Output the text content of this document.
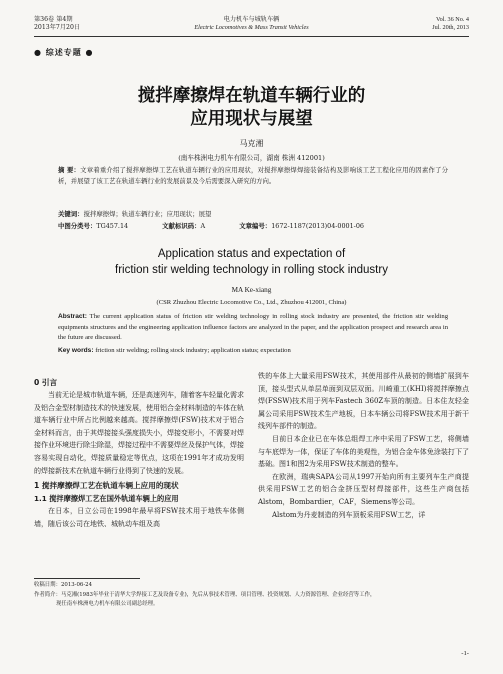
第36卷 第4期
2013年7月20日
电力机车与城轨车辆
Electric Locomotives & Mass Transit Vehicles
Vol. 36 No. 4
Jul. 20th, 2013
● 综述专题 ●
搅拌摩擦焊在轨道车辆行业的
应用现状与展望
马克湘
(南车株洲电力机车有限公司，湖南 株洲 412001)
摘 要：文章着重介绍了搅拌摩擦焊工艺在轨道车辆行业的应用现状，对搅拌摩擦焊焊接装备结构及影响该工艺工程化应用的因素作了分析，并展望了该工艺在轨道车辆行业的发展前景及今后需要深入研究的方向。
关键词：搅拌摩擦焊；轨道车辆行业；应用现状；展望
中图分类号：TG457.14	文献标识码：A	文章编号：1672-1187(2013)04-0001-06
Application status and expectation of
friction stir welding technology in rolling stock industry
MA Ke-xiang
(CSR Zhuzhou Electric Locomotive Co., Ltd., Zhuzhou 412001, China)
Abstract: The current application status of friction stir welding technology in rolling stock industry are presented, the friction stir welding equipments structures and the engineering application influence factors are analyzed in the paper, and the application prospect and research area in the future are discussed.
Key words: friction stir welding; rolling stock industry; application status; expectation
0 引言

当前无论是城市轨道车辆，还是高速列车，随着客车轻量化需求及铝合金型材制造技术的快速发展，使用铝合金材料制造的车体在轨道车辆行业中所占比例越来越高。搅拌摩擦焊(FSW)技术对于铝合金材料而言，由于其焊接接头强度损失小，焊接变形小，不需要对焊接作业环境进行除尘除湿，焊接过程中不需要焊丝及保护气体，焊接容易实现自动化，焊接质量稳定等优点，这项在1991年才成功发明的焊接新技术在轨道车辆行业得到了快速的发展。

1 搅拌摩擦焊工艺在轨道车辆上应用的现状
1.1 搅拌摩擦焊工艺在国外轨道车辆上的应用

在日本，日立公司在1998年最早将FSW技术用于地铁车体侧墙，随后该公司在地铁、城轨动车组及高

铁的车体上大量采用FSW技术，其使用部件从最初的侧墙扩展到车顶，接头型式从单层单面到双层双面。川崎重工(KHI)将搅拌摩擦点焊(FSSW)技术用于列车Fastech 360Z车顶的制造。日本住友轻金属公司采用FSW技术生产地板，日本车辆公司将FSW技术用于新干线列车部件的制造。

目前日本企业已在车体总组焊工序中采用了FSW工艺，将侧墙与车底焊为一体，保证了车体的美观性，为铝合金车体免涂装打下了基础。图1和图2为采用FSW技术制造的整车。

在欧洲，瑞典SAPA公司从1997开始向所有主要列车生产商提供采用FSW工艺的铝合金挤压型材焊接部件，这些生产商包括Alstom，Bombardier，CAF，Siemens等公司。

Alstom为丹麦制造的列车顶板采用FSW工艺，详

收稿日期：2013-06-24
作者简介：马克湘(1983年毕业于清华大学焊接工艺及设备专业)，先后从事技术管理、项目管理、投资规划、人力资源管理、企业经营等工作，
现任南车株洲电力机车有限公司副总经理。
-1-
